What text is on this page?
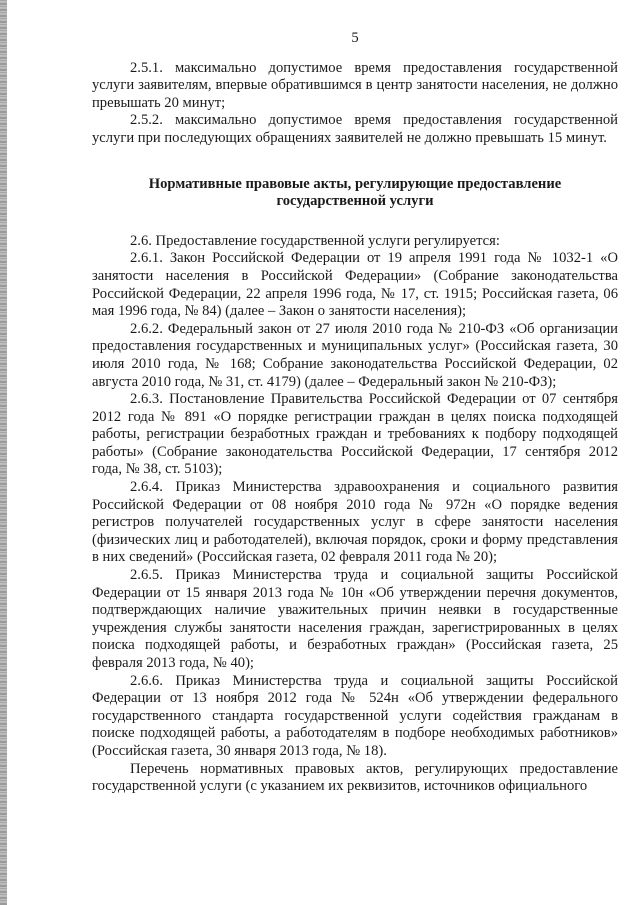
5

2.5.1. максимально допустимое время предоставления государственной услуги заявителям, впервые обратившимся в центр занятости населения, не должно превышать 20 минут;

2.5.2. максимально допустимое время предоставления государственной услуги при последующих обращениях заявителей не должно превышать 15 минут.

Нормативные правовые акты, регулирующие предоставление государственной услуги

2.6. Предоставление государственной услуги регулируется:

2.6.1. Закон Российской Федерации от 19 апреля 1991 года № 1032-1 «О занятости населения в Российской Федерации» (Собрание законодательства Российской Федерации, 22 апреля 1996 года, № 17, ст. 1915; Российская газета, 06 мая 1996 года, № 84) (далее – Закон о занятости населения);

2.6.2. Федеральный закон от 27 июля 2010 года № 210-ФЗ «Об организации предоставления государственных и муниципальных услуг» (Российская газета, 30 июля 2010 года, № 168; Собрание законодательства Российской Федерации, 02 августа 2010 года, № 31, ст. 4179) (далее – Федеральный закон № 210-ФЗ);

2.6.3. Постановление Правительства Российской Федерации от 07 сентября 2012 года № 891 «О порядке регистрации граждан в целях поиска подходящей работы, регистрации безработных граждан и требованиях к подбору подходящей работы» (Собрание законодательства Российской Федерации, 17 сентября 2012 года, № 38, ст. 5103);

2.6.4. Приказ Министерства здравоохранения и социального развития Российской Федерации от 08 ноября 2010 года № 972н «О порядке ведения регистров получателей государственных услуг в сфере занятости населения (физических лиц и работодателей), включая порядок, сроки и форму представления в них сведений» (Российская газета, 02 февраля 2011 года № 20);

2.6.5. Приказ Министерства труда и социальной защиты Российской Федерации от 15 января 2013 года № 10н «Об утверждении перечня документов, подтверждающих наличие уважительных причин неявки в государственные учреждения службы занятости населения граждан, зарегистрированных в целях поиска подходящей работы, и безработных граждан» (Российская газета, 25 февраля 2013 года, № 40);

2.6.6. Приказ Министерства труда и социальной защиты Российской Федерации от 13 ноября 2012 года № 524н «Об утверждении федерального государственного стандарта государственной услуги содействия гражданам в поиске подходящей работы, а работодателям в подборе необходимых работников» (Российская газета, 30 января 2013 года, № 18).

Перечень нормативных правовых актов, регулирующих предоставление государственной услуги (с указанием их реквизитов, источников официального
